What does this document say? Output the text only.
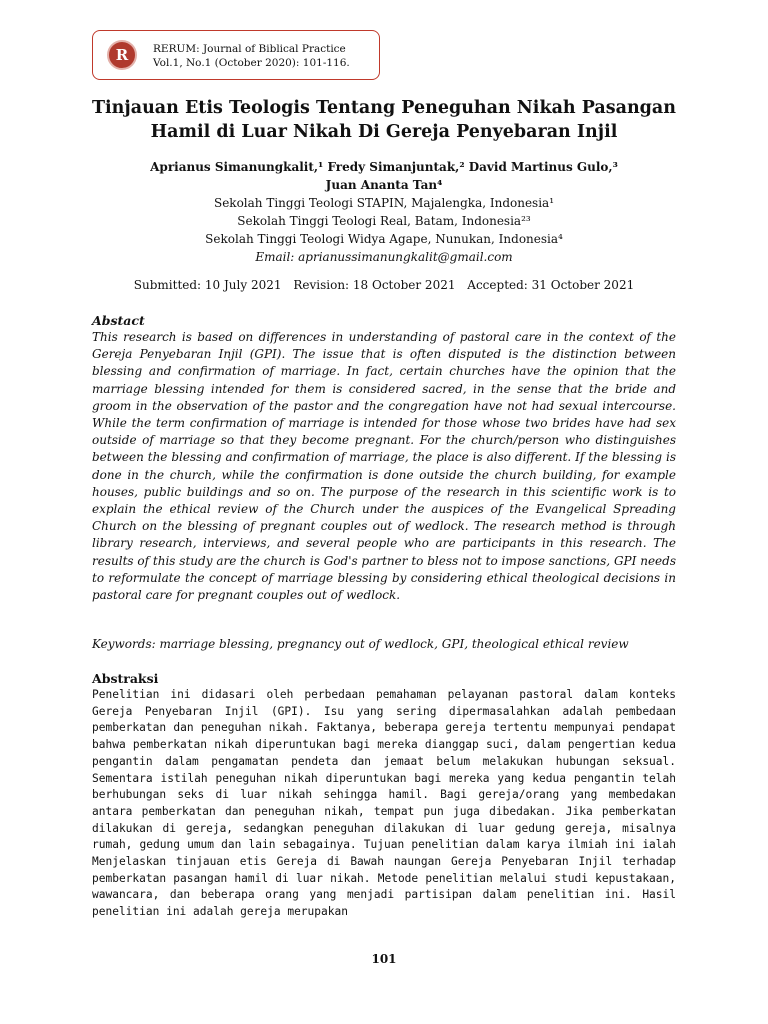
R	RERUM: Journal of Biblical Practice
Vol.1, No.1 (October 2020): 101-116.
Tinjauan Etis Teologis Tentang Peneguhan Nikah Pasangan Hamil di Luar Nikah Di Gereja Penyebaran Injil
Aprianus Simanungkalit,¹ Fredy Simanjuntak,² David Martinus Gulo,³
Juan Ananta Tan⁴
Sekolah Tinggi Teologi STAPIN, Majalengka, Indonesia¹
Sekolah Tinggi Teologi Real, Batam, Indonesia²³
Sekolah Tinggi Teologi Widya Agape, Nunukan, Indonesia⁴
Email: aprianussimanungkalit@gmail.com
Submitted: 10 July 2021 Revision: 18 October 2021 Accepted: 31 October 2021
Abstact

This research is based on differences in understanding of pastoral care in the context of the Gereja Penyebaran Injil (GPI). The issue that is often disputed is the distinction between blessing and confirmation of marriage. In fact, certain churches have the opinion that the marriage blessing intended for them is considered sacred, in the sense that the bride and groom in the observation of the pastor and the congregation have not had sexual intercourse. While the term confirmation of marriage is intended for those whose two brides have had sex outside of marriage so that they become pregnant. For the church/person who distinguishes between the blessing and confirmation of marriage, the place is also different. If the blessing is done in the church, while the confirmation is done outside the church building, for example houses, public buildings and so on. The purpose of the research in this scientific work is to explain the ethical review of the Church under the auspices of the Evangelical Spreading Church on the blessing of pregnant couples out of wedlock. The research method is through library research, interviews, and several people who are participants in this research. The results of this study are the church is God's partner to bless not to impose sanctions, GPI needs to reformulate the concept of marriage blessing by considering ethical theological decisions in pastoral care for pregnant couples out of wedlock.

Keywords: marriage blessing, pregnancy out of wedlock, GPI, theological ethical review
Abstraksi

Penelitian ini didasari oleh perbedaan pemahaman pelayanan pastoral dalam konteks Gereja Penyebaran Injil (GPI). Isu yang sering dipermasalahkan adalah pembedaan pemberkatan dan peneguhan nikah. Faktanya, beberapa gereja tertentu mempunyai pendapat bahwa pemberkatan nikah diperuntukan bagi mereka dianggap suci, dalam pengertian kedua pengantin dalam pengamatan pendeta dan jemaat belum melakukan hubungan seksual. Sementara istilah peneguhan nikah diperuntukan bagi mereka yang kedua pengantin telah berhubungan seks di luar nikah sehingga hamil. Bagi gereja/orang yang membedakan antara pemberkatan dan peneguhan nikah, tempat pun juga dibedakan. Jika pemberkatan dilakukan di gereja, sedangkan peneguhan dilakukan di luar gedung gereja, misalnya rumah, gedung umum dan lain sebagainya. Tujuan penelitian dalam karya ilmiah ini ialah Menjelaskan tinjauan etis Gereja di Bawah naungan Gereja Penyebaran Injil terhadap pemberkatan pasangan hamil di luar nikah. Metode penelitian melalui studi kepustakaan, wawancara, dan beberapa orang yang menjadi partisipan dalam penelitian ini. Hasil penelitian ini adalah gereja merupakan

101
